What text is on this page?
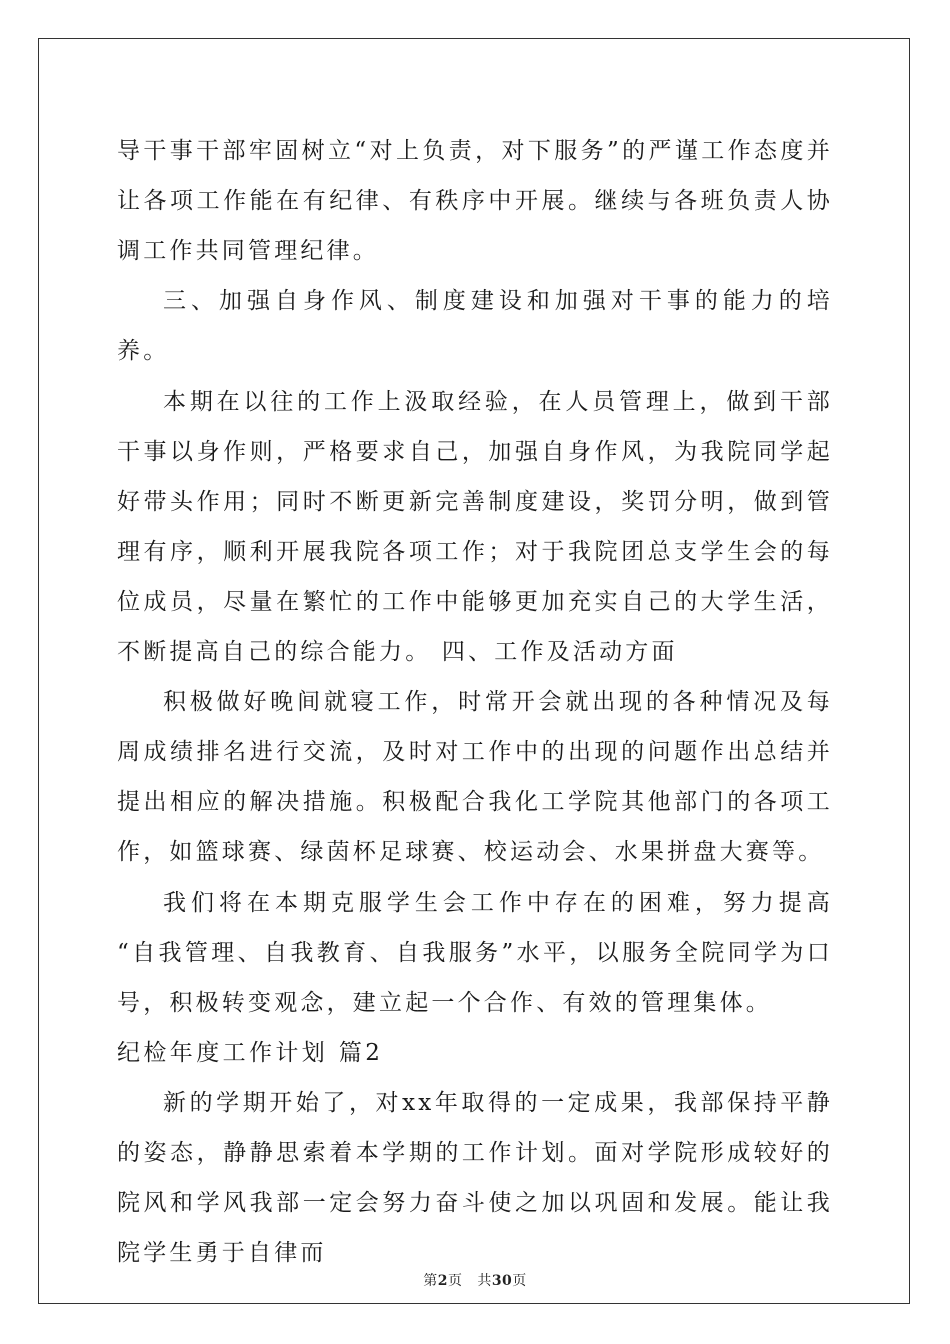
导干事干部牢固树立“对上负责，对下服务”的严谨工作态度并让各项工作能在有纪律、有秩序中开展。继续与各班负责人协调工作共同管理纪律。

三、加强自身作风、制度建设和加强对干事的能力的培养。

本期在以往的工作上汲取经验，在人员管理上，做到干部干事以身作则，严格要求自己，加强自身作风，为我院同学起好带头作用；同时不断更新完善制度建设，奖罚分明，做到管理有序，顺利开展我院各项工作；对于我院团总支学生会的每位成员，尽量在繁忙的工作中能够更加充实自己的大学生活，不断提高自己的综合能力。 四、工作及活动方面

积极做好晚间就寝工作，时常开会就出现的各种情况及每周成绩排名进行交流，及时对工作中的出现的问题作出总结并提出相应的解决措施。积极配合我化工学院其他部门的各项工作，如篮球赛、绿茵杯足球赛、校运动会、水果拼盘大赛等。

我们将在本期克服学生会工作中存在的困难，努力提高 “自我管理、自我教育、自我服务”水平，以服务全院同学为口号，积极转变观念，建立起一个合作、有效的管理集体。

纪检年度工作计划 篇2

新的学期开始了，对xx年取得的一定成果，我部保持平静的姿态，静静思索着本学期的工作计划。面对学院形成较好的院风和学风我部一定会努力奋斗使之加以巩固和发展。能让我院学生勇于自律而

第2页 共30页
